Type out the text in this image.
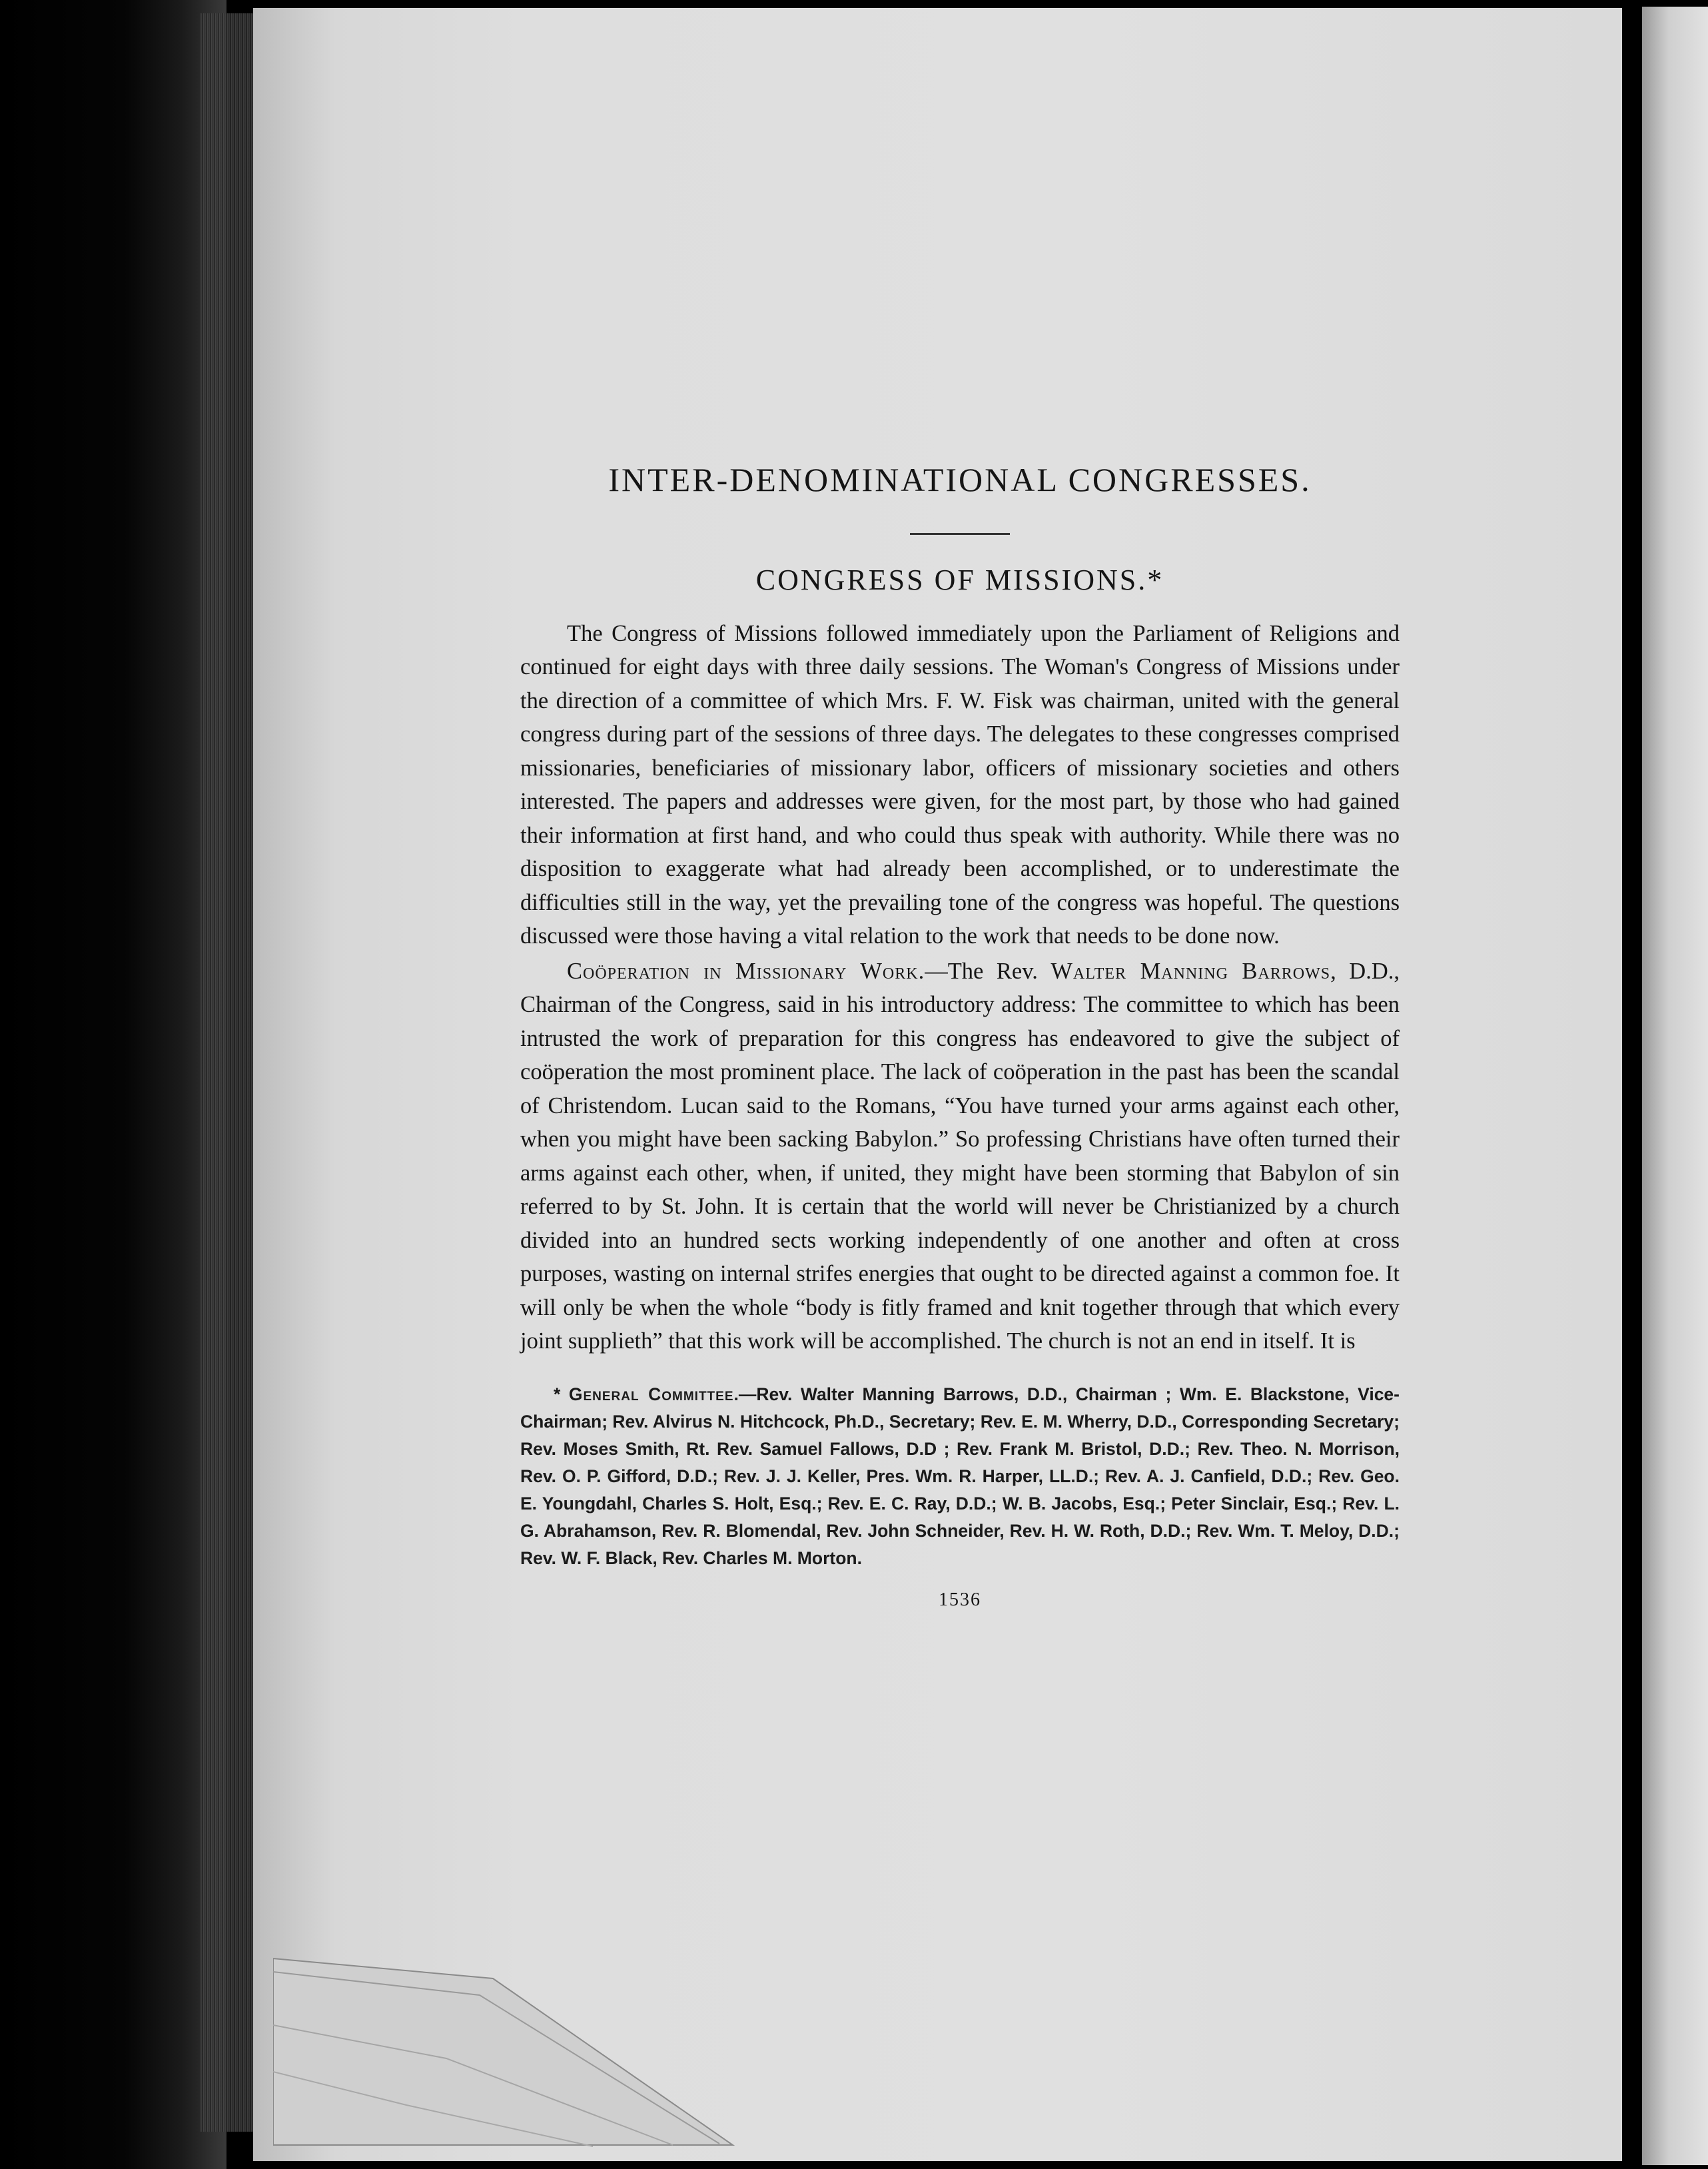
INTER-DENOMINATIONAL CONGRESSES.
CONGRESS OF MISSIONS.*

The Congress of Missions followed immediately upon the Parliament of Religions and continued for eight days with three daily sessions. The Woman's Congress of Missions under the direction of a committee of which Mrs. F. W. Fisk was chairman, united with the general congress during part of the sessions of three days. The delegates to these congresses comprised missionaries, beneficiaries of missionary labor, officers of missionary societies and others interested. The papers and addresses were given, for the most part, by those who had gained their information at first hand, and who could thus speak with authority. While there was no disposition to exaggerate what had already been accomplished, or to underestimate the difficulties still in the way, yet the prevailing tone of the congress was hopeful. The questions discussed were those having a vital relation to the work that needs to be done now.

Coöperation in Missionary Work.—The Rev. Walter Manning Barrows, D.D., Chairman of the Congress, said in his introductory address: The committee to which has been intrusted the work of preparation for this congress has endeavored to give the subject of coöperation the most prominent place. The lack of coöperation in the past has been the scandal of Christendom. Lucan said to the Romans, “You have turned your arms against each other, when you might have been sacking Babylon.” So professing Christians have often turned their arms against each other, when, if united, they might have been storming that Babylon of sin referred to by St. John. It is certain that the world will never be Christianized by a church divided into an hundred sects working independently of one another and often at cross purposes, wasting on internal strifes energies that ought to be directed against a common foe. It will only be when the whole “body is fitly framed and knit together through that which every joint supplieth” that this work will be accomplished. The church is not an end in itself. It is

* General Committee.—Rev. Walter Manning Barrows, D.D., Chairman ; Wm. E. Blackstone, Vice-Chairman; Rev. Alvirus N. Hitchcock, Ph.D., Secretary; Rev. E. M. Wherry, D.D., Corresponding Secretary; Rev. Moses Smith, Rt. Rev. Samuel Fallows, D.D ; Rev. Frank M. Bristol, D.D.; Rev. Theo. N. Morrison, Rev. O. P. Gifford, D.D.; Rev. J. J. Keller, Pres. Wm. R. Harper, LL.D.; Rev. A. J. Canfield, D.D.; Rev. Geo. E. Youngdahl, Charles S. Holt, Esq.; Rev. E. C. Ray, D.D.; W. B. Jacobs, Esq.; Peter Sinclair, Esq.; Rev. L. G. Abrahamson, Rev. R. Blomendal, Rev. John Schneider, Rev. H. W. Roth, D.D.; Rev. Wm. T. Meloy, D.D.; Rev. W. F. Black, Rev. Charles M. Morton.

1536
